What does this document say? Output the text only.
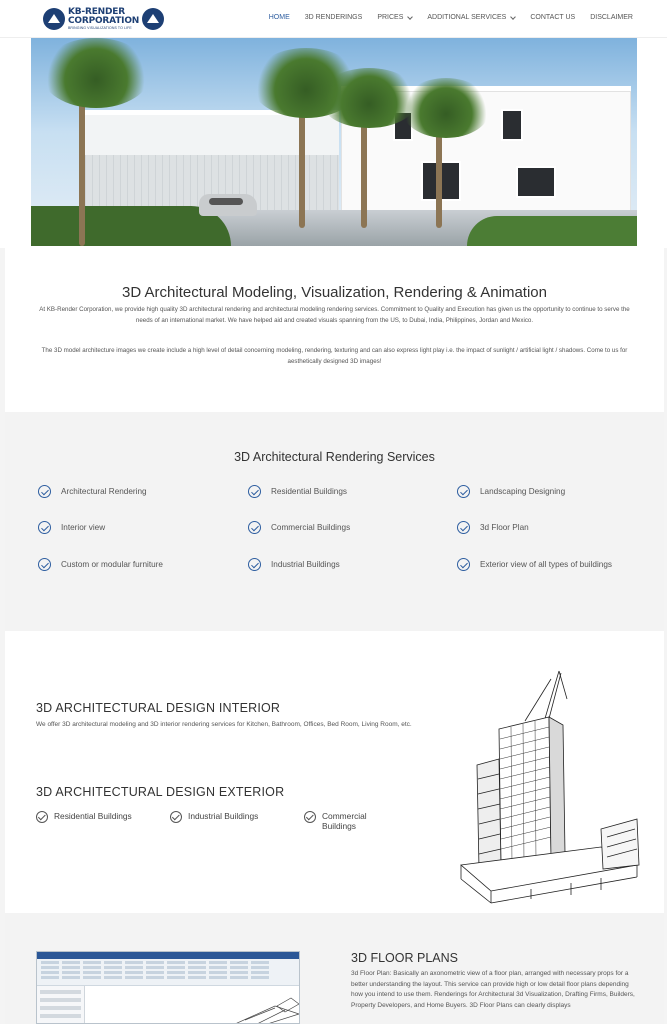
KB-RENDER
CORPORATION
BRINGING VISUALIZATIONS TO LIFE
HOME 3D RENDERINGS PRICES	ADDITIONAL SERVICES	CONTACT US DISCLAIMER
3D Architectural Modeling, Visualization, Rendering & Animation

At KB-Render Corporation, we provide high quality 3D architectural rendering and architectural modeling rendering services. Commitment to Quality and Execution has given us the opportunity to continue to serve the needs of an international market. We have helped aid and created visuals spanning from the US, to Dubai, India, Philippines, Jordan and Mexico.

The 3D model architecture images we create include a high level of detail concerning modeling, rendering, texturing and can also express light play i.e. the impact of sunlight / artificial light / shadows. Come to us for aesthetically designed 3D images!

3D Architectural Rendering Services
Architectural Rendering	Residential Buildings	Landscaping Designing
Interior view	Commercial Buildings	3d Floor Plan
Custom or modular furniture	Industrial Buildings	Exterior view of all types of buildings
3D ARCHITECTURAL DESIGN INTERIOR

We offer 3D architectural modeling and 3D interior rendering services for Kitchen, Bathroom, Offices, Bed Room, Living Room, etc.

3D ARCHITECTURAL DESIGN EXTERIOR
Residential Buildings	Industrial Buildings	Commercial Buildings
3D FLOOR PLANS

3d Floor Plan: Basically an axonometric view of a floor plan, arranged with necessary props for a better understanding the layout. This service can provide high or low detail floor plans depending how you intend to use them. Renderings for Architectural 3d Visualization, Drafting Firms, Builders, Property Developers, and Home Buyers. 3D Floor Plans can clearly displays
